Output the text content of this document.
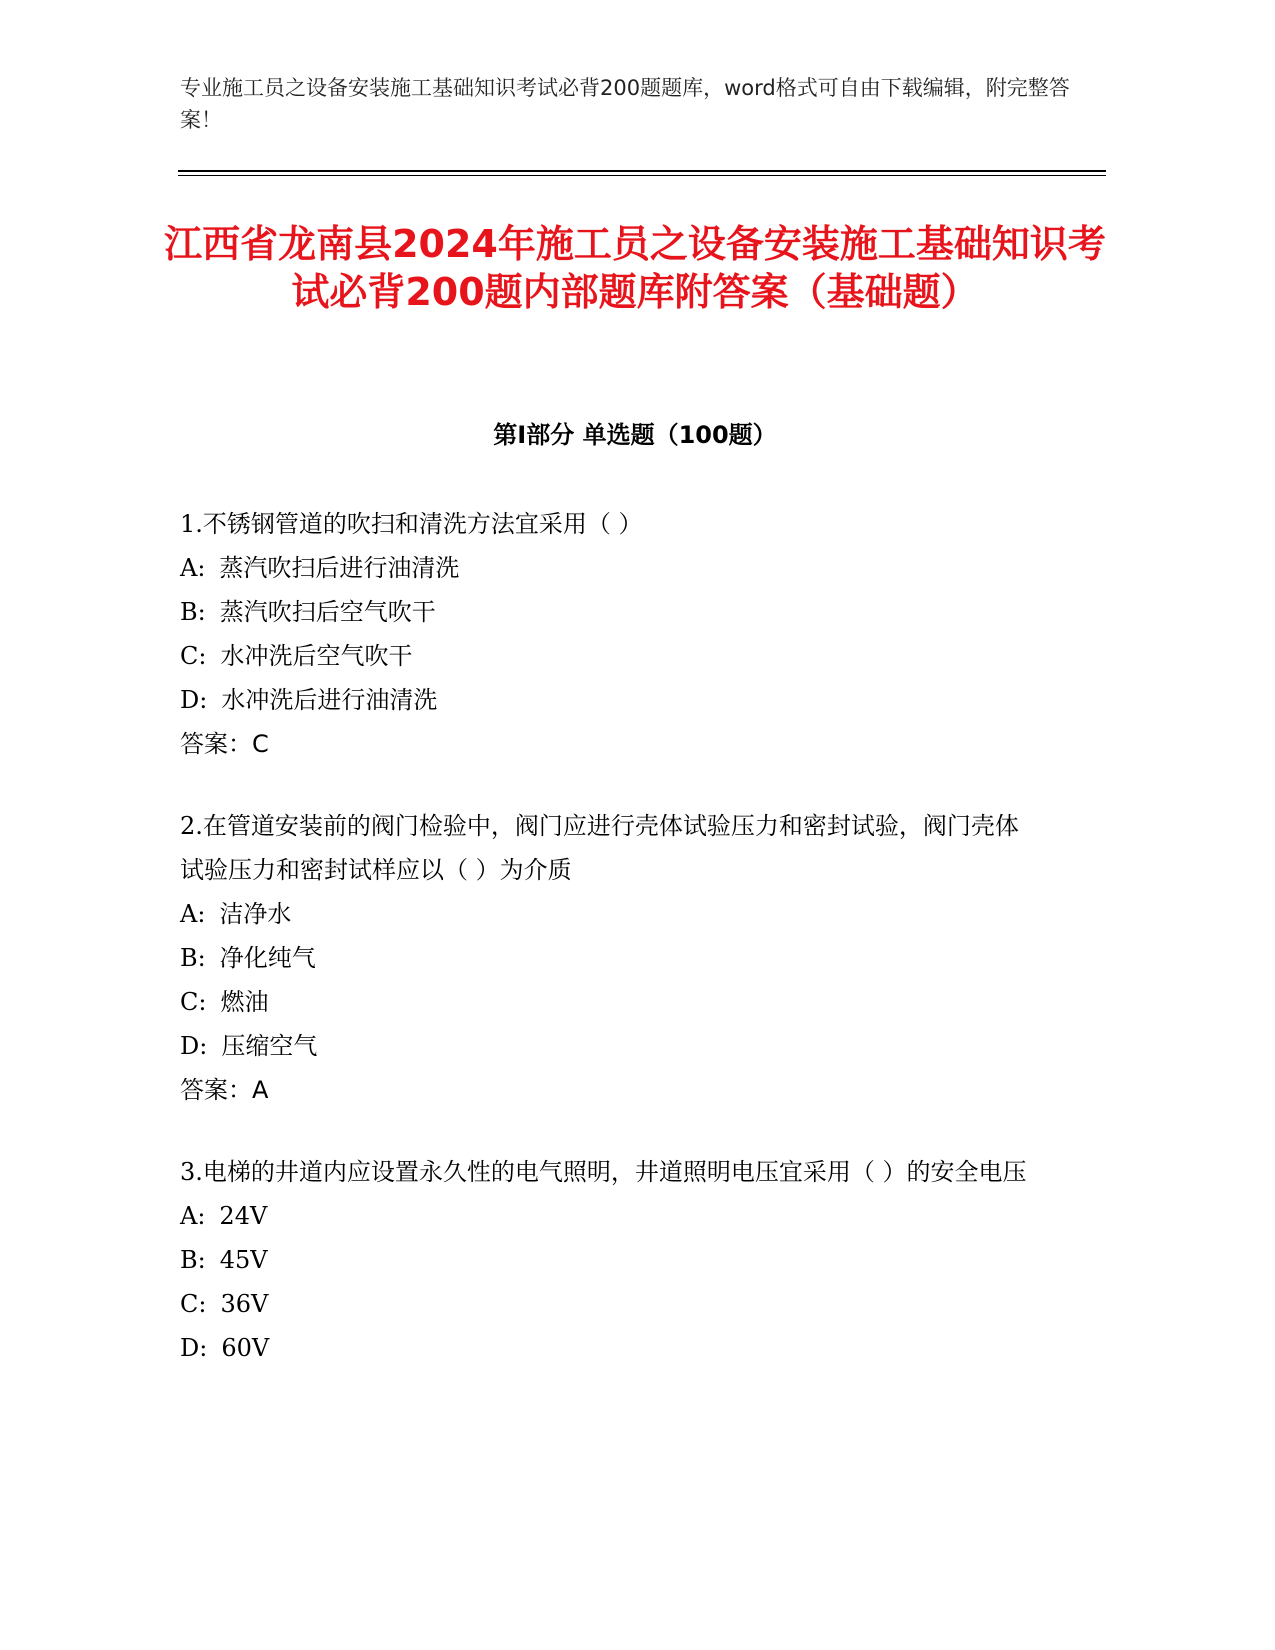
专业施工员之设备安装施工基础知识考试必背200题题库，word格式可自由下载编辑，附完整答案！
江西省龙南县2024年施工员之设备安装施工基础知识考试必背200题内部题库附答案（基础题）
第I部分 单选题（100题）

1.不锈钢管道的吹扫和清洗方法宜采用（ ）

A: 蒸汽吹扫后进行油清洗

B: 蒸汽吹扫后空气吹干

C: 水冲洗后空气吹干

D: 水冲洗后进行油清洗

答案：C

2.在管道安装前的阀门检验中，阀门应进行壳体试验压力和密封试验，阀门壳体试验压力和密封试样应以（ ）为介质

A: 洁净水

B: 净化纯气

C: 燃油

D: 压缩空气

答案：A

3.电梯的井道内应设置永久性的电气照明，井道照明电压宜采用（ ）的安全电压

A: 24V

B: 45V

C: 36V

D: 60V
